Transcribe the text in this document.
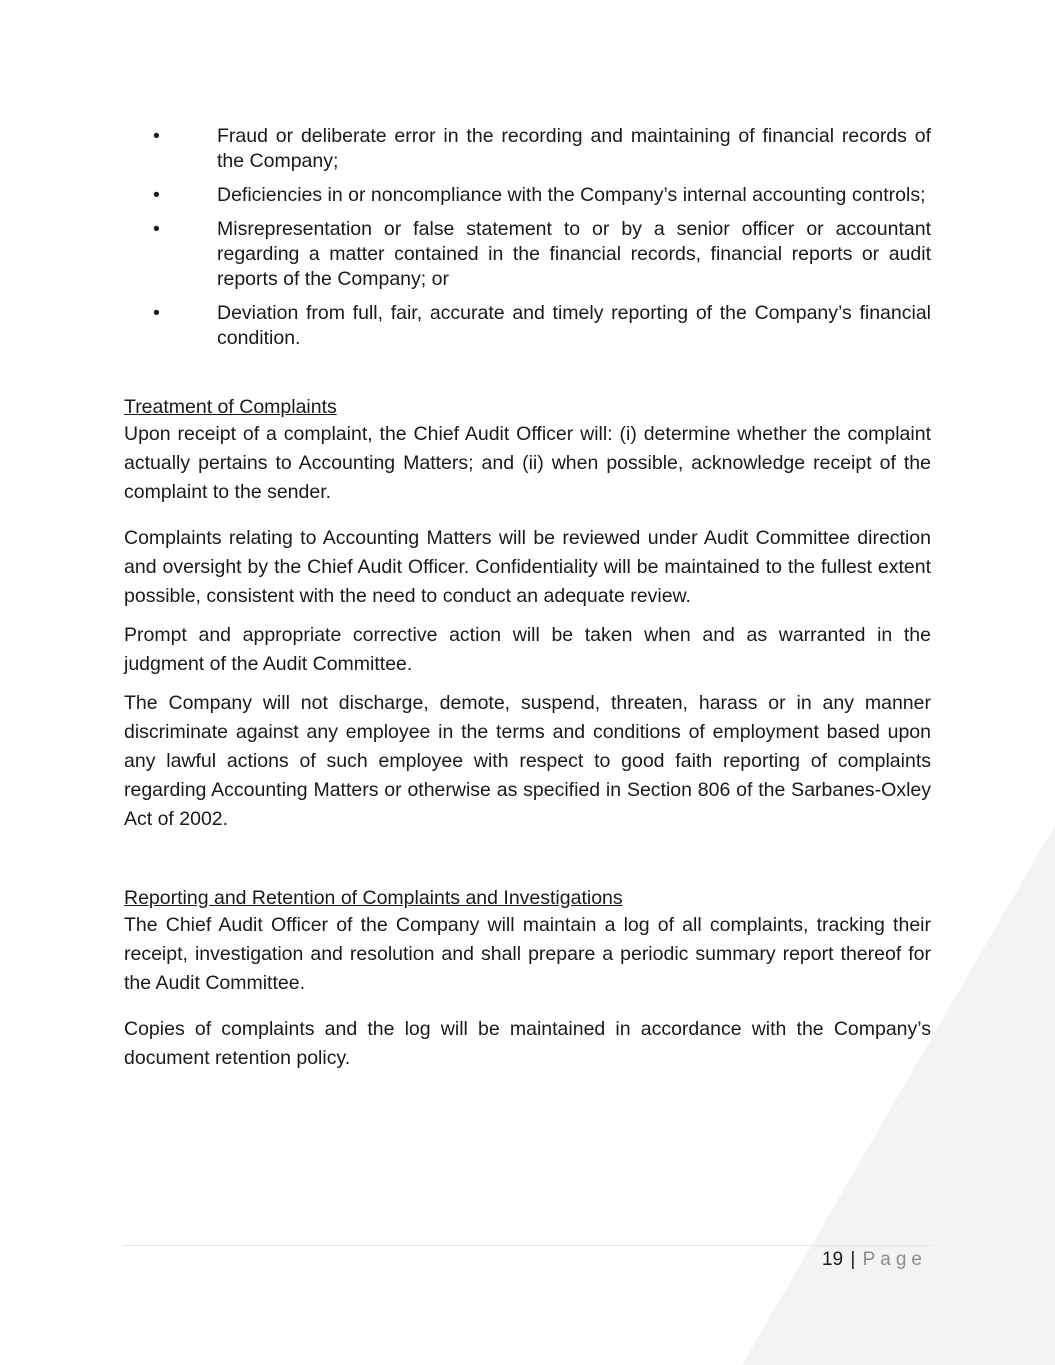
•	Fraud or deliberate error in the recording and maintaining of financial records of the Company;
•	Deficiencies in or noncompliance with the Company’s internal accounting controls;
•	Misrepresentation or false statement to or by a senior officer or accountant regarding a matter contained in the financial records, financial reports or audit reports of the Company; or
•	Deviation from full, fair, accurate and timely reporting of the Company’s financial condition.
Treatment of Complaints

Upon receipt of a complaint, the Chief Audit Officer will: (i) determine whether the complaint actually pertains to Accounting Matters; and (ii) when possible, acknowledge receipt of the complaint to the sender.

Complaints relating to Accounting Matters will be reviewed under Audit Committee direction and oversight by the Chief Audit Officer. Confidentiality will be maintained to the fullest extent possible, consistent with the need to conduct an adequate review.

Prompt and appropriate corrective action will be taken when and as warranted in the judgment of the Audit Committee.

The Company will not discharge, demote, suspend, threaten, harass or in any manner discriminate against any employee in the terms and conditions of employment based upon any lawful actions of such employee with respect to good faith reporting of complaints regarding Accounting Matters or otherwise as specified in Section 806 of the Sarbanes-Oxley Act of 2002.

Reporting and Retention of Complaints and Investigations

The Chief Audit Officer of the Company will maintain a log of all complaints, tracking their receipt, investigation and resolution and shall prepare a periodic summary report thereof for the Audit Committee.

Copies of complaints and the log will be maintained in accordance with the Company’s document retention policy.

19 | Page
